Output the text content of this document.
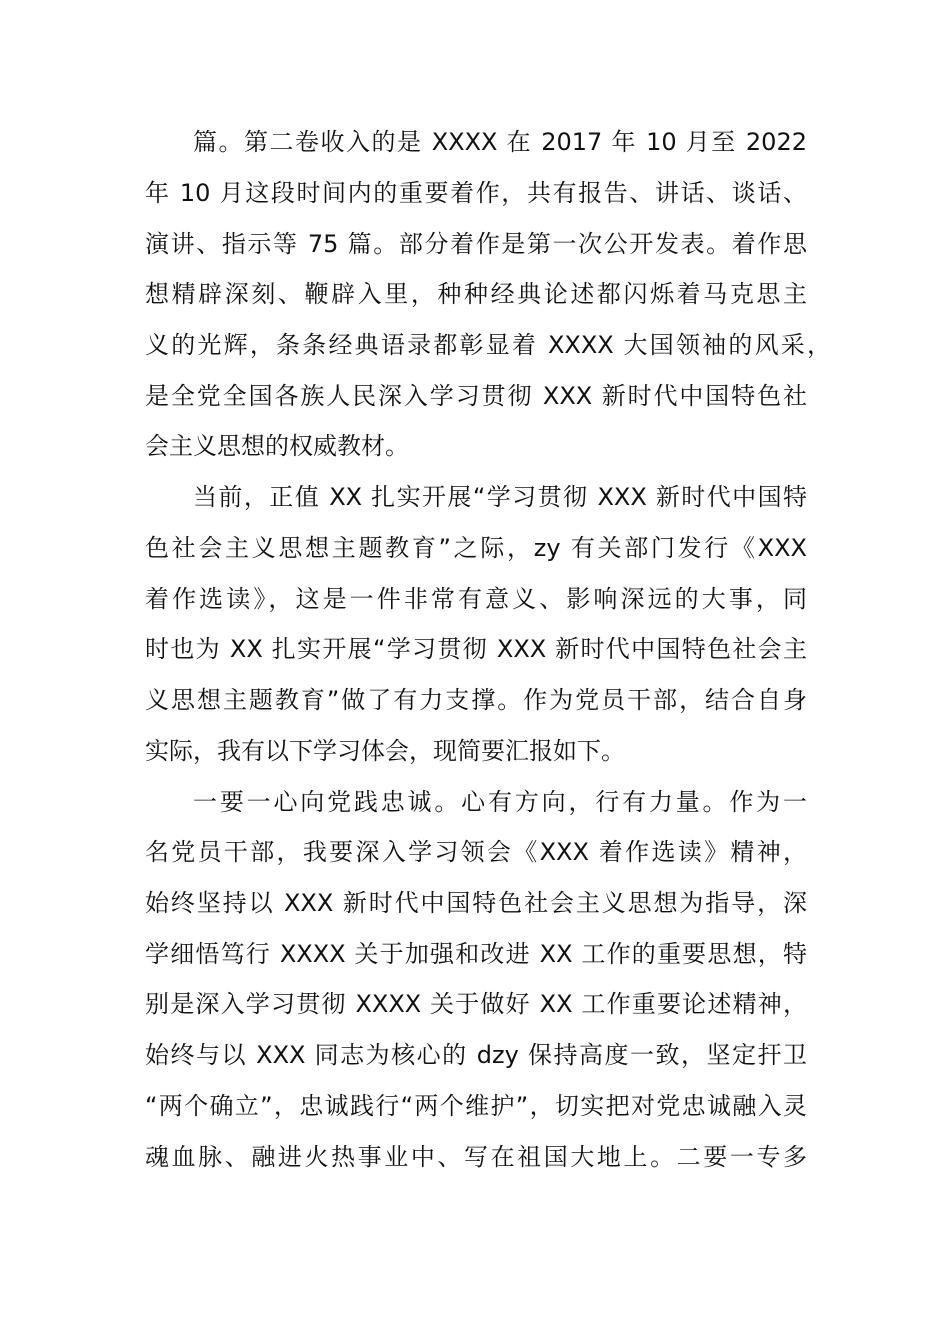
篇。第二卷收入的是 XXXX 在 2017 年 10 月至 2022
年 10 月这段时间内的重要着作，共有报告、讲话、谈话、
演讲、指示等 75 篇。部分着作是第一次公开发表。着作思
想精辟深刻、鞭辟入里，种种经典论述都闪烁着马克思主
义的光辉，条条经典语录都彰显着 XXXX 大国领袖的风采，
是全党全国各族人民深入学习贯彻 XXX 新时代中国特色社
会主义思想的权威教材。
当前，正值 XX 扎实开展“学习贯彻 XXX 新时代中国特
色社会主义思想主题教育”之际，zy 有关部门发行《XXX
着作选读》，这是一件非常有意义、影响深远的大事，同
时也为 XX 扎实开展“学习贯彻 XXX 新时代中国特色社会主
义思想主题教育”做了有力支撑。作为党员干部，结合自身
实际，我有以下学习体会，现简要汇报如下。
一要一心向党践忠诚。心有方向，行有力量。作为一
名党员干部，我要深入学习领会《XXX 着作选读》精神，
始终坚持以 XXX 新时代中国特色社会主义思想为指导，深
学细悟笃行 XXXX 关于加强和改进 XX 工作的重要思想，特
别是深入学习贯彻 XXXX 关于做好 XX 工作重要论述精神，
始终与以 XXX 同志为核心的 dzy 保持高度一致，坚定扞卫
“两个确立”，忠诚践行“两个维护”，切实把对党忠诚融入灵
魂血脉、融进火热事业中、写在祖国大地上。二要一专多
